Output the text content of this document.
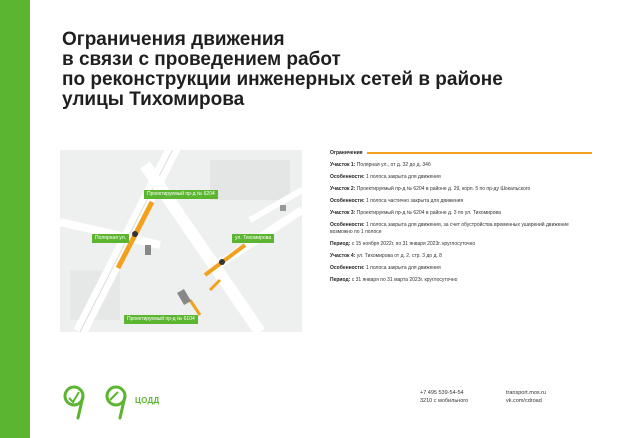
Ограничения движения
в связи с проведением работ
по реконструкции инженерных сетей в районе
улицы Тихомирова
Проектируемый пр-д № 6204
Полярная ул.	ул. Тихомирова
Проектируемый пр-д № 6104
Ограничения

Участок 1: Полярная ул., от д. 32 до д. 34б

Особенности: 1 полоса закрыта для движения

Участок 2: Проектируемый пр-д № 6204 в районе д. 29, корп. 5 по пр-ду Шокальского

Особенности: 1 полоса частично закрыта для движения

Участок 3: Проектируемый пр-д № 6204 в районе д. 3 по ул. Тихомирова

Особенности: 1 полоса закрыта для движения, за счет обустройства временных уширений движение возможно по 1 полосе

Период: с 15 ноября 2022г. по 31 января 2023г. круглосуточно

Участок 4: ул. Тихомирова от д. 2, стр. 3 до д. 8

Особенности: 1 полоса закрыта для движения

Период: с 31 января по 31 марта 2023г. круглосуточно

ЦОДД
+7 495 539-54-54	transport.mos.ru
3210 с мобильного	vk.com/cdroad
